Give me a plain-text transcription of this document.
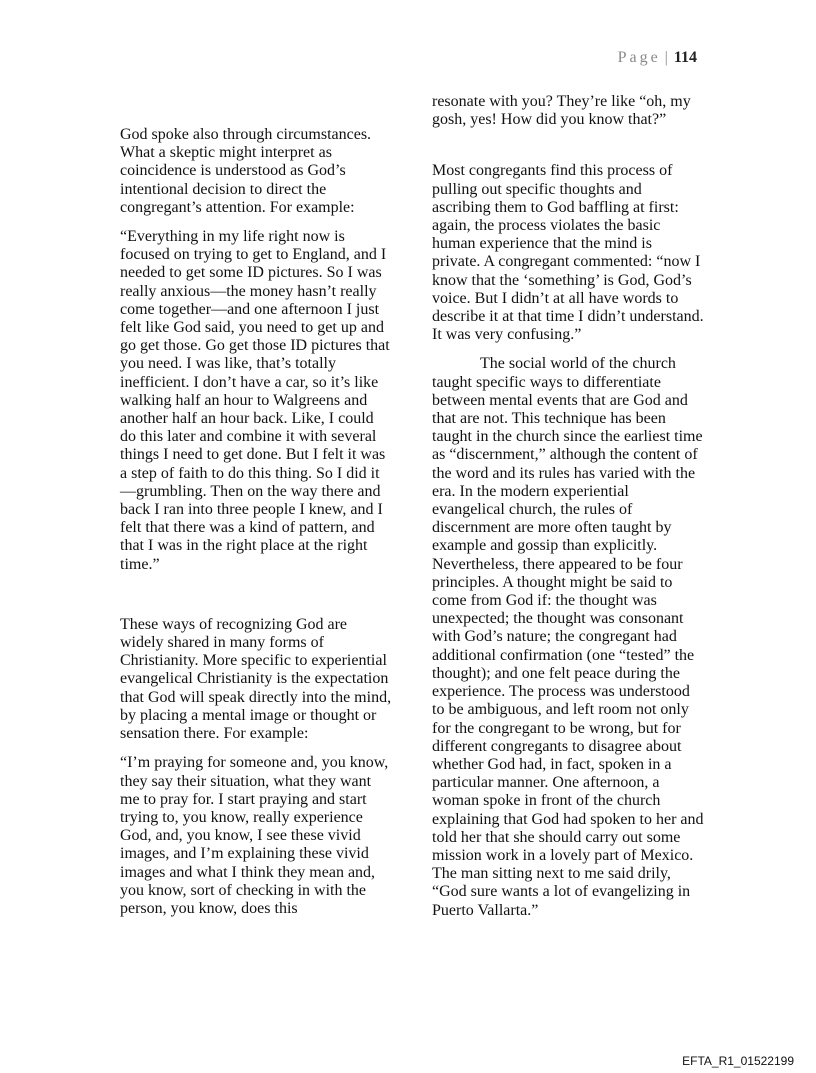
Page | 114

God spoke also through circumstances. What a skeptic might interpret as coincidence is understood as God’s intentional decision to direct the congregant’s attention. For example:

“Everything in my life right now is focused on trying to get to England, and I needed to get some ID pictures. So I was really anxious—the money hasn’t really come together—and one afternoon I just felt like God said, you need to get up and go get those. Go get those ID pictures that you need. I was like, that’s totally inefficient. I don’t have a car, so it’s like walking half an hour to Walgreens and another half an hour back. Like, I could do this later and combine it with several things I need to get done. But I felt it was a step of faith to do this thing. So I did it—grumbling. Then on the way there and back I ran into three people I knew, and I felt that there was a kind of pattern, and that I was in the right place at the right time.”

These ways of recognizing God are widely shared in many forms of Christianity. More specific to experiential evangelical Christianity is the expectation that God will speak directly into the mind, by placing a mental image or thought or sensation there. For example:

“I’m praying for someone and, you know, they say their situation, what they want me to pray for. I start praying and start trying to, you know, really experience God, and, you know, I see these vivid images, and I’m explaining these vivid images and what I think they mean and, you know, sort of checking in with the person, you know, does this

resonate with you? They’re like “oh, my gosh, yes! How did you know that?”

Most congregants find this process of pulling out specific thoughts and ascribing them to God baffling at first: again, the process violates the basic human experience that the mind is private. A congregant commented: “now I know that the ‘something’ is God, God’s voice. But I didn’t at all have words to describe it at that time I didn’t understand. It was very confusing.”

The social world of the church taught specific ways to differentiate between mental events that are God and that are not. This technique has been taught in the church since the earliest time as “discernment,” although the content of the word and its rules has varied with the era. In the modern experiential evangelical church, the rules of discernment are more often taught by example and gossip than explicitly. Nevertheless, there appeared to be four principles. A thought might be said to come from God if: the thought was unexpected; the thought was consonant with God’s nature; the congregant had additional confirmation (one “tested” the thought); and one felt peace during the experience. The process was understood to be ambiguous, and left room not only for the congregant to be wrong, but for different congregants to disagree about whether God had, in fact, spoken in a particular manner. One afternoon, a woman spoke in front of the church explaining that God had spoken to her and told her that she should carry out some mission work in a lovely part of Mexico. The man sitting next to me said drily, “God sure wants a lot of evangelizing in Puerto Vallarta.”

EFTA_R1_01522199
